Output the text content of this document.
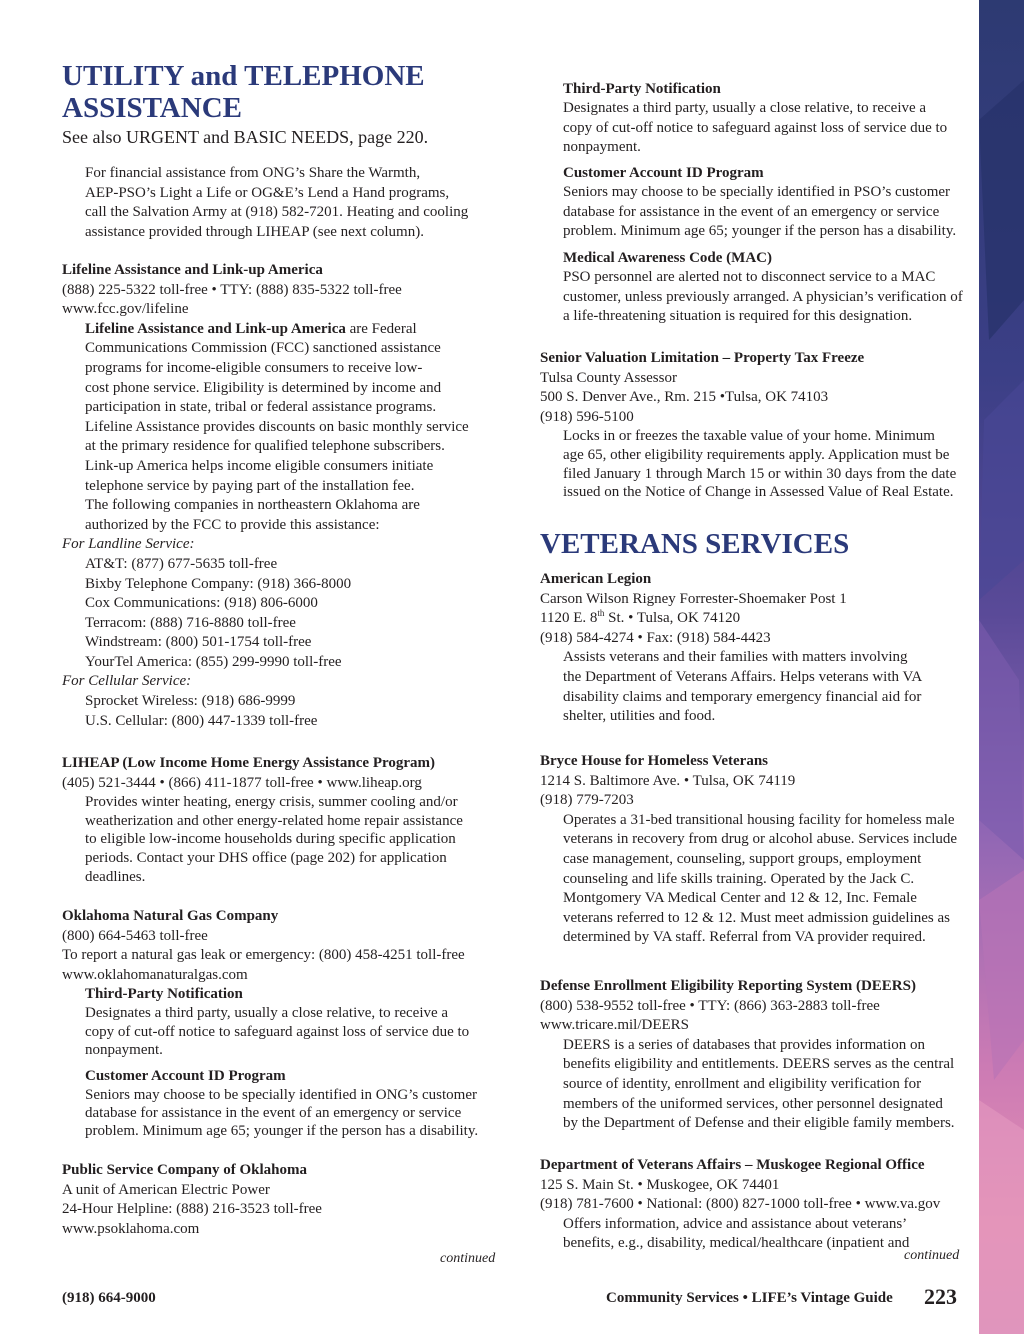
UTILITY and TELEPHONE
ASSISTANCE
See also URGENT and BASIC NEEDS, page 220.
For financial assistance from ONG’s Share the Warmth,
AEP-PSO’s Light a Life or OG&E’s Lend a Hand programs,
call the Salvation Army at (918) 582-7201. Heating and cooling
assistance provided through LIHEAP (see next column).
Lifeline Assistance and Link-up America
(888) 225-5322 toll-free • TTY: (888) 835-5322 toll-free
www.fcc.gov/lifeline
Lifeline Assistance and Link-up America are Federal
Communications Commission (FCC) sanctioned assistance
programs for income-eligible consumers to receive low-
cost phone service. Eligibility is determined by income and
participation in state, tribal or federal assistance programs.
Lifeline Assistance provides discounts on basic monthly service
at the primary residence for qualified telephone subscribers.
Link-up America helps income eligible consumers initiate
telephone service by paying part of the installation fee.
The following companies in northeastern Oklahoma are
authorized by the FCC to provide this assistance:
For Landline Service:
AT&T: (877) 677-5635 toll-free
Bixby Telephone Company: (918) 366-8000
Cox Communications: (918) 806-6000
Terracom: (888) 716-8880 toll-free
Windstream: (800) 501-1754 toll-free
YourTel America: (855) 299-9990 toll-free
For Cellular Service:
Sprocket Wireless: (918) 686-9999
U.S. Cellular: (800) 447-1339 toll-free
LIHEAP (Low Income Home Energy Assistance Program)
(405) 521-3444 • (866) 411-1877 toll-free • www.liheap.org
Provides winter heating, energy crisis, summer cooling and/or
weatherization and other energy-related home repair assistance
to eligible low-income households during specific application
periods. Contact your DHS office (page 202) for application
deadlines.
Oklahoma Natural Gas Company
(800) 664-5463 toll-free
To report a natural gas leak or emergency: (800) 458-4251 toll-free
www.oklahomanaturalgas.com
Third-Party Notification
Designates a third party, usually a close relative, to receive a
copy of cut-off notice to safeguard against loss of service due to
nonpayment.
Customer Account ID Program
Seniors may choose to be specially identified in ONG’s customer
database for assistance in the event of an emergency or service
problem. Minimum age 65; younger if the person has a disability.
Public Service Company of Oklahoma
A unit of American Electric Power
24-Hour Helpline: (888) 216-3523 toll-free
www.psoklahoma.com
continued
Third-Party Notification
Designates a third party, usually a close relative, to receive a
copy of cut-off notice to safeguard against loss of service due to
nonpayment.
Customer Account ID Program
Seniors may choose to be specially identified in PSO’s customer
database for assistance in the event of an emergency or service
problem. Minimum age 65; younger if the person has a disability.
Medical Awareness Code (MAC)
PSO personnel are alerted not to disconnect service to a MAC
customer, unless previously arranged. A physician’s verification of
a life-threatening situation is required for this designation.
Senior Valuation Limitation – Property Tax Freeze
Tulsa County Assessor
500 S. Denver Ave., Rm. 215 •Tulsa, OK 74103
(918) 596-5100
Locks in or freezes the taxable value of your home. Minimum
age 65, other eligibility requirements apply. Application must be
filed January 1 through March 15 or within 30 days from the date
issued on the Notice of Change in Assessed Value of Real Estate.
VETERANS SERVICES
American Legion
Carson Wilson Rigney Forrester-Shoemaker Post 1
1120 E. 8th St. • Tulsa, OK 74120
(918) 584-4274 • Fax: (918) 584-4423
Assists veterans and their families with matters involving
the Department of Veterans Affairs. Helps veterans with VA
disability claims and temporary emergency financial aid for
shelter, utilities and food.
Bryce House for Homeless Veterans
1214 S. Baltimore Ave. • Tulsa, OK 74119
(918) 779-7203
Operates a 31-bed transitional housing facility for homeless male
veterans in recovery from drug or alcohol abuse. Services include
case management, counseling, support groups, employment
counseling and life skills training. Operated by the Jack C.
Montgomery VA Medical Center and 12 & 12, Inc. Female
veterans referred to 12 & 12. Must meet admission guidelines as
determined by VA staff. Referral from VA provider required.
Defense Enrollment Eligibility Reporting System (DEERS)
(800) 538-9552 toll-free • TTY: (866) 363-2883 toll-free
www.tricare.mil/DEERS
DEERS is a series of databases that provides information on
benefits eligibility and entitlements. DEERS serves as the central
source of identity, enrollment and eligibility verification for
members of the uniformed services, other personnel designated
by the Department of Defense and their eligible family members.
Department of Veterans Affairs – Muskogee Regional Office
125 S. Main St. • Muskogee, OK 74401
(918) 781-7600 • National: (800) 827-1000 toll-free • www.va.gov
Offers information, advice and assistance about veterans’
benefits, e.g., disability, medical/healthcare (inpatient and
continued
(918) 664-9000	Community Services • LIFE’s Vintage Guide 223
